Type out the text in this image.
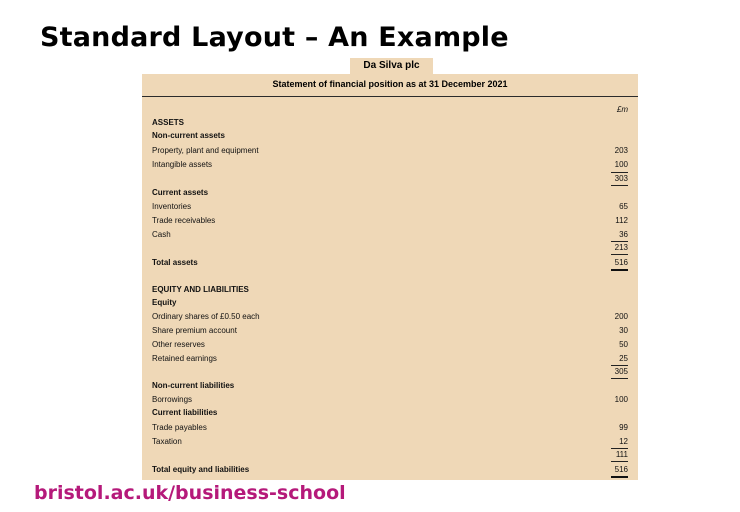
Standard Layout – An Example
Da Silva plc
Statement of financial position as at 31 December 2021
£m
ASSETS
Non-current assets
Property, plant and equipment	203
Intangible assets	100
303
Current assets
Inventories	65
Trade receivables	112
Cash	36
213
Total assets	516
EQUITY AND LIABILITIES
Equity
Ordinary shares of £0.50 each	200
Share premium account	30
Other reserves	50
Retained earnings	25
305
Non-current liabilities
Borrowings	100
Current liabilities
Trade payables	99
Taxation	12
111
Total equity and liabilities	516
bristol.ac.uk/business-school
